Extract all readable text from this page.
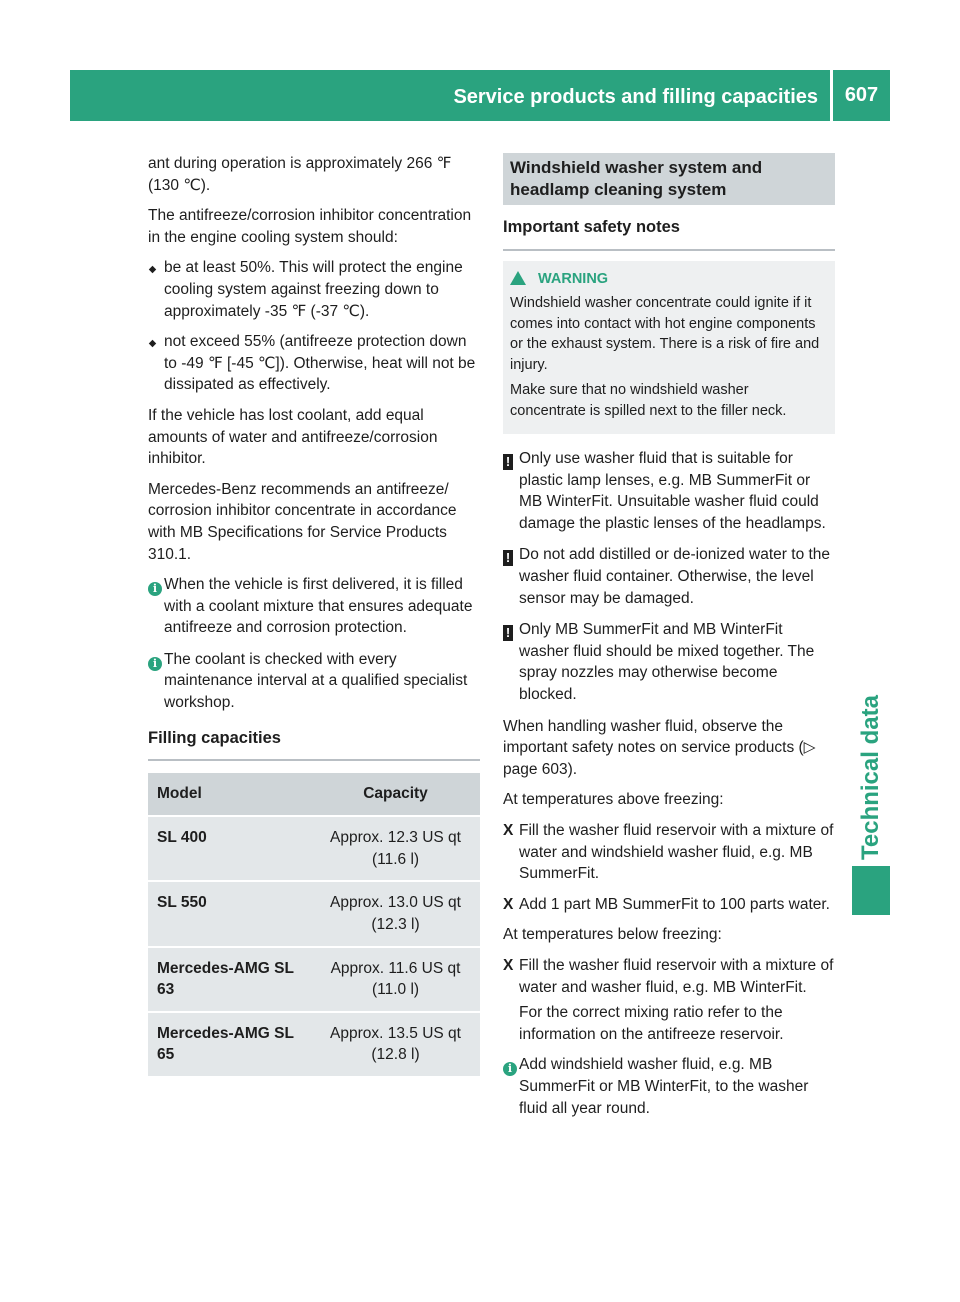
Service products and filling capacities	607
Technical data

ant during operation is approximately 266 ℉ (130 ℃).

The antifreeze/corrosion inhibitor concentration in the engine cooling system should:

be at least 50%. This will protect the engine cooling system against freezing down to approximately -35 ℉ (-37 ℃).
not exceed 55% (antifreeze protection down to -49 ℉ [-45 ℃]). Otherwise, heat will not be dissipated as effectively.

If the vehicle has lost coolant, add equal amounts of water and antifreeze/corrosion inhibitor.

Mercedes-Benz recommends an antifreeze/ corrosion inhibitor concentrate in accordance with MB Specifications for Service Products 310.1.

i When the vehicle is first delivered, it is filled with a coolant mixture that ensures adequate antifreeze and corrosion protection.
i The coolant is checked with every maintenance interval at a qualified specialist workshop.
Filling capacities
Model	Capacity
SL 400	Approx. 12.3 US qt
(11.6 l)
SL 550	Approx. 13.0 US qt
(12.3 l)
Mercedes-AMG SL 63	Approx. 11.6 US qt
(11.0 l)
Mercedes-AMG SL 65	Approx. 13.5 US qt
(12.8 l)
Windshield washer system and headlamp cleaning system
Important safety notes
WARNING

Windshield washer concentrate could ignite if it comes into contact with hot engine components or the exhaust system. There is a risk of fire and injury.

Make sure that no windshield washer concentrate is spilled next to the filler neck.

! Only use washer fluid that is suitable for plastic lamp lenses, e.g. MB SummerFit or MB WinterFit. Unsuitable washer fluid could damage the plastic lenses of the headlamps.
! Do not add distilled or de-ionized water to the washer fluid container. Otherwise, the level sensor may be damaged.
! Only MB SummerFit and MB WinterFit washer fluid should be mixed together. The spray nozzles may otherwise become blocked.

When handling washer fluid, observe the important safety notes on service products (▷ page 603).

At temperatures above freezing:

X Fill the washer fluid reservoir with a mixture of water and windshield washer fluid, e.g. MB SummerFit.
X Add 1 part MB SummerFit to 100 parts water.

At temperatures below freezing:

X Fill the washer fluid reservoir with a mixture of water and washer fluid, e.g. MB WinterFit.
For the correct mixing ratio refer to the information on the antifreeze reservoir.
i Add windshield washer fluid, e.g. MB SummerFit or MB WinterFit, to the washer fluid all year round.
